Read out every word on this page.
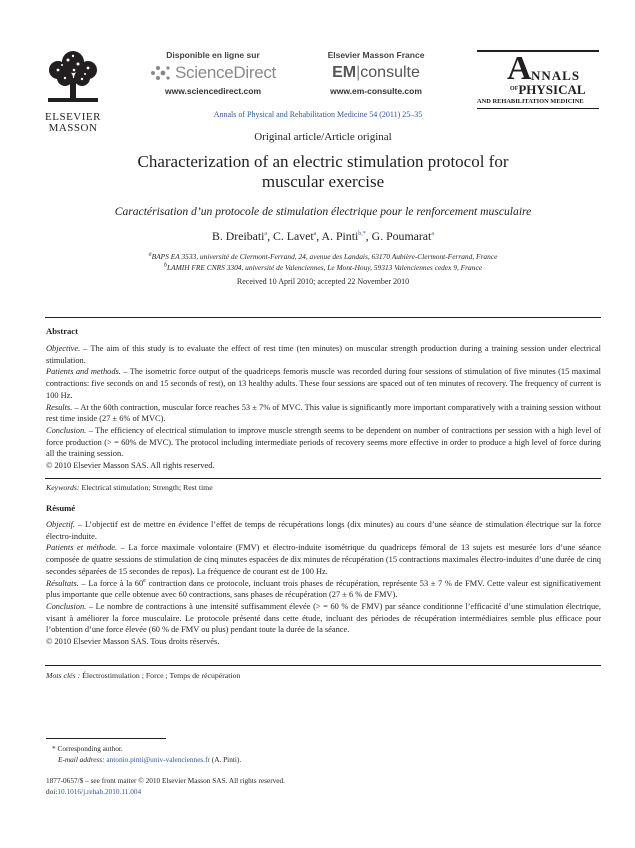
ELSEVIER
MASSON
Disponible en ligne sur
ScienceDirect
www.sciencedirect.com
Elsevier Masson France
EM|consulte
www.em-consulte.com
Annals of Physical and Rehabilitation Medicine 54 (2011) 25–35
A NNALS
$^{OF}$PHYSICAL
AND REHABILITATION MEDICINE
Original article/Article original
Characterization of an electric stimulation protocol for
muscular exercise
Caractérisation d’un protocole de stimulation électrique pour le renforcement musculaire
B. Dreibati$^a$, C. Lavet$^a$, A. Pinti$^{b,*}$, G. Poumarat$^a$
$^a$BAPS EA 3533, université de Clermont-Ferrand, 24, avenue des Landais, 63170 Aubière-Clermont-Ferrand, France
$^b$LAMIH FRE CNRS 3304, université de Valenciennes, Le Mont-Houy, 59313 Valenciennes cedex 9, France
Received 10 April 2010; accepted 22 November 2010
Abstract

Objective. – The aim of this study is to evaluate the effect of rest time (ten minutes) on muscular strength production during a training session under electrical stimulation.

Patients and methods. – The isometric force output of the quadriceps femoris muscle was recorded during four sessions of stimulation of five minutes (15 maximal contractions: five seconds on and 15 seconds of rest), on 13 healthy adults. These four sessions are spaced out of ten minutes of recovery. The frequency of current is 100 Hz.

Results. – At the 60th contraction, muscular force reaches 53 ± 7% of MVC. This value is significantly more important comparatively with a training session without rest time inside (27 ± 6% of MVC).

Conclusion. – The efficiency of electrical stimulation to improve muscle strength seems to be dependent on number of contractions per session with a high level of force production (> = 60% de MVC). The protocol including intermediate periods of recovery seems more effective in order to produce a high level of force during all the training session.

© 2010 Elsevier Masson SAS. All rights reserved.

Keywords: Electrical stimulation; Strength; Rest time
Résumé

Objectif. – L’objectif est de mettre en évidence l’effet de temps de récupérations longs (dix minutes) au cours d’une séance de stimulation électrique sur la force électro-induite.

Patients et méthode. – La force maximale volontaire (FMV) et électro-induite isométrique du quadriceps fémoral de 13 sujets est mesurée lors d’une séance composée de quatre sessions de stimulation de cinq minutes espacées de dix minutes de récupération (15 contractions maximales électro-induites d’une durée de cinq secondes séparées de 15 secondes de repos). La fréquence de courant est de 100 Hz.

Résultats. – La force à la 60e contraction dans ce protocole, incluant trois phases de récupération, représente 53 ± 7 % de FMV. Cette valeur est significativement plus importante que celle obtenue avec 60 contractions, sans phases de récupération (27 ± 6 % de FMV).

Conclusion. – Le nombre de contractions à une intensité suffisamment élevée (> = 60 % de FMV) par séance conditionne l’efficacité d’une stimulation électrique, visant à améliorer la force musculaire. Le protocole présenté dans cette étude, incluant des périodes de récupération intermédiaires semble plus efficace pour l’obtention d’une force élevée (60 % de FMV ou plus) pendant toute la durée de la séance.

© 2010 Elsevier Masson SAS. Tous droits réservés.

Mots clés : Électrostimulation ; Force ; Temps de récupération
* Corresponding author.
E-mail address: antonio.pinti@univ-valenciennes.fr (A. Pinti).
1877-0657/$ – see front matter © 2010 Elsevier Masson SAS. All rights reserved.
doi:10.1016/j.rehab.2010.11.004
